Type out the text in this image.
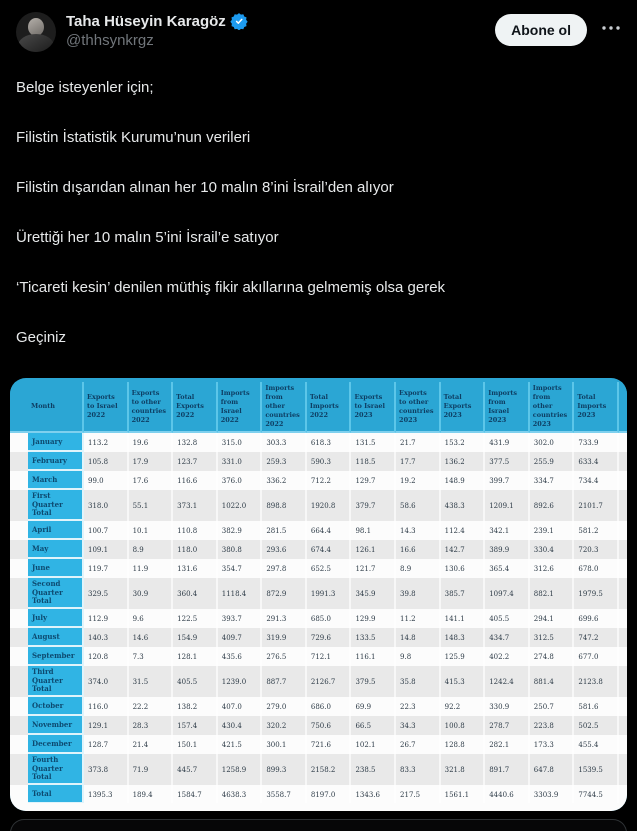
Taha Hüseyin Karagöz
@thhsynkrgz
Abone ol

Belge isteyenler için;

Filistin İstatistik Kurumu’nun verileri

Filistin dışarıdan alınan her 10 malın 8’ini İsrail’den alıyor

Ürettiği her 10 malın 5’ini İsrail’e satıyor

‘Ticareti kesin’ denilen müthiş fikir akıllarına gelmemiş olsa gerek

Geçiniz

	Month	Exports to Israel 2022	Exports to other countries 2022	Total Exports 2022	Imports from Israel 2022	Imports from other countries 2022	Total Imports 2022	Exports to Israel 2023	Exports to other countries 2023	Total Exports 2023	Imports from Israel 2023	Imports from other countries 2023	Total Imports 2023	
	January	113.2	19.6	132.8	315.0	303.3	618.3	131.5	21.7	153.2	431.9	302.0	733.9	
	February	105.8	17.9	123.7	331.0	259.3	590.3	118.5	17.7	136.2	377.5	255.9	633.4	
	March	99.0	17.6	116.6	376.0	336.2	712.2	129.7	19.2	148.9	399.7	334.7	734.4	
	First Quarter Total	318.0	55.1	373.1	1022.0	898.8	1920.8	379.7	58.6	438.3	1209.1	892.6	2101.7	
	April	100.7	10.1	110.8	382.9	281.5	664.4	98.1	14.3	112.4	342.1	239.1	581.2	
	May	109.1	8.9	118.0	380.8	293.6	674.4	126.1	16.6	142.7	389.9	330.4	720.3	
	June	119.7	11.9	131.6	354.7	297.8	652.5	121.7	8.9	130.6	365.4	312.6	678.0	
	Second Quarter Total	329.5	30.9	360.4	1118.4	872.9	1991.3	345.9	39.8	385.7	1097.4	882.1	1979.5	
	July	112.9	9.6	122.5	393.7	291.3	685.0	129.9	11.2	141.1	405.5	294.1	699.6	
	August	140.3	14.6	154.9	409.7	319.9	729.6	133.5	14.8	148.3	434.7	312.5	747.2	
	September	120.8	7.3	128.1	435.6	276.5	712.1	116.1	9.8	125.9	402.2	274.8	677.0	
	Third Quarter Total	374.0	31.5	405.5	1239.0	887.7	2126.7	379.5	35.8	415.3	1242.4	881.4	2123.8	
	October	116.0	22.2	138.2	407.0	279.0	686.0	69.9	22.3	92.2	330.9	250.7	581.6	
	November	129.1	28.3	157.4	430.4	320.2	750.6	66.5	34.3	100.8	278.7	223.8	502.5	
	December	128.7	21.4	150.1	421.5	300.1	721.6	102.1	26.7	128.8	282.1	173.3	455.4	
	Fourth Quarter Total	373.8	71.9	445.7	1258.9	899.3	2158.2	238.5	83.3	321.8	891.7	647.8	1539.5	
	Total	1395.3	189.4	1584.7	4638.3	3558.7	8197.0	1343.6	217.5	1561.1	4440.6	3303.9	7744.5	
